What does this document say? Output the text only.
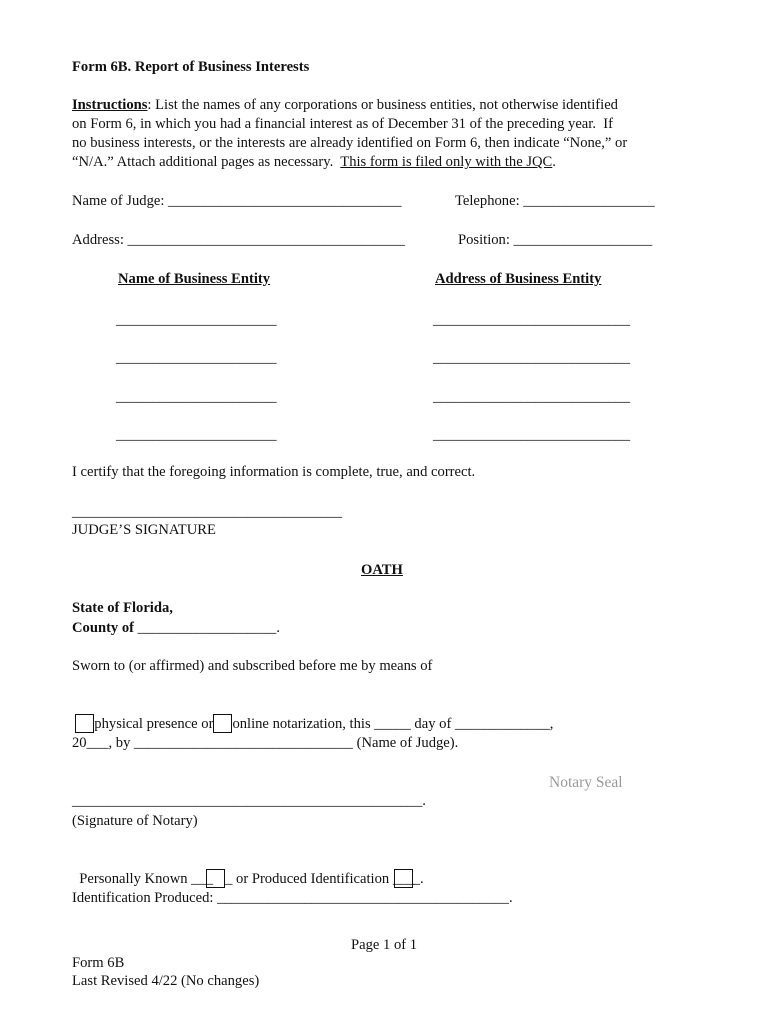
Form 6B. Report of Business Interests
Instructions: List the names of any corporations or business entities, not otherwise identified
on Form 6, in which you had a financial interest as of December 31 of the preceding year.  If
no business interests, or the interests are already identified on Form 6, then indicate “None,” or
“N/A.” Attach additional pages as necessary.  This form is filed only with the JQC.
Name of Judge: ________________________________	Telephone: __________________
Address: ______________________________________	Position: ___________________
Name of Business Entity	Address of Business Entity
______________________	___________________________
______________________	___________________________
______________________	___________________________
______________________	___________________________
I certify that the foregoing information is complete, true, and correct.
_____________________________________
JUDGE’S SIGNATURE
OATH
State of Florida,
County of ___________________.
Sworn to (or affirmed) and subscribed before me by means of

physical presence or online notarization, this _____ day of _____________,

20___, by ______________________________ (Name of Judge).
Notary Seal
________________________________________________.
(Signature of Notary)

Personally Known ___ _ or Produced Identification ____.

Identification Produced: ________________________________________.
Page 1 of 1
Form 6B
Last Revised 4/22 (No changes)
